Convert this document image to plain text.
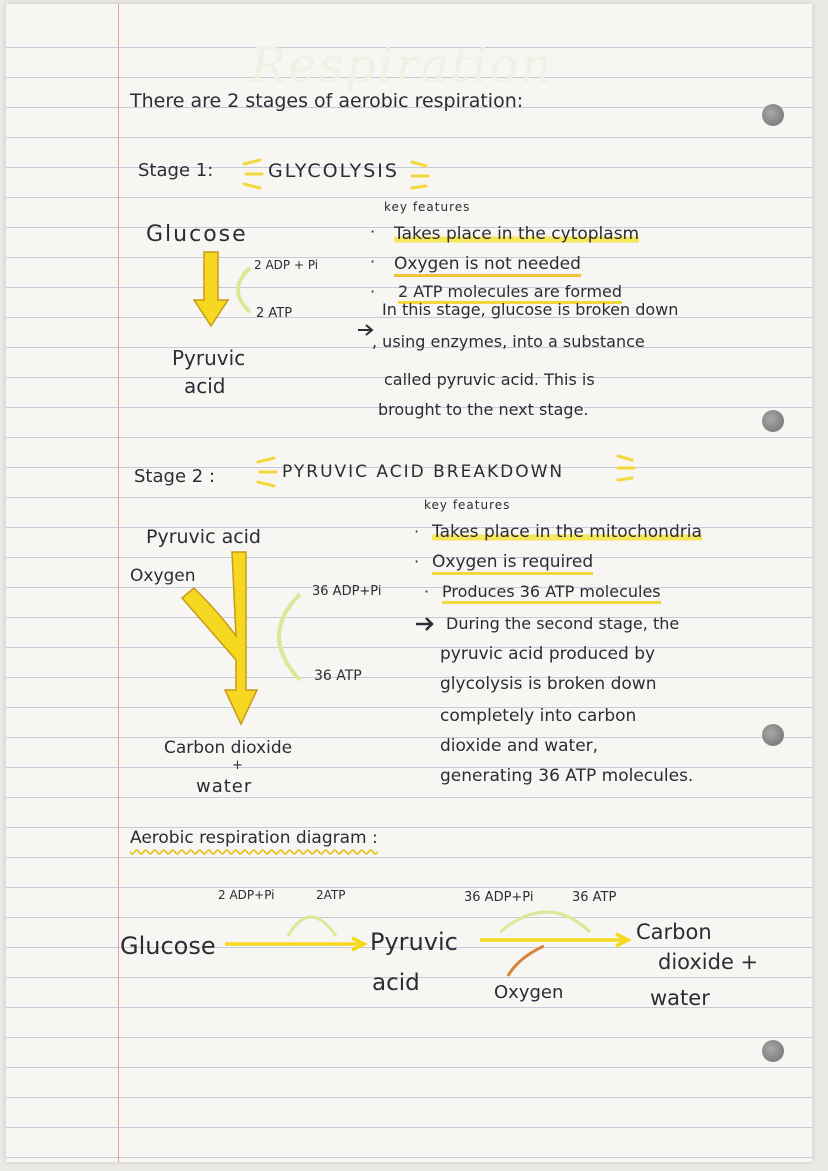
Respiration
There are 2 stages of aerobic respiration:
Stage 1:	GLYCOLYSIS
Glucose
2 ADP + Pi
2 ATP
Pyruvic
acid
key features
· Takes place in the cytoplasm
· Oxygen is not needed
· 2 ATP molecules are formed
In this stage, glucose is broken down
, using enzymes, into a substance
called pyruvic acid. This is
brought to the next stage.
Stage 2 :	PYRUVIC ACID BREAKDOWN
Pyruvic acid
Oxygen
36 ADP+Pi
36 ATP
Carbon dioxide
+
water
key features
· Takes place in the mitochondria
· Oxygen is required
· Produces 36 ATP molecules
During the second stage, the
pyruvic acid produced by
glycolysis is broken down
completely into carbon
dioxide and water,
generating 36 ATP molecules.
Aerobic respiration diagram :
2 ADP+Pi	2ATP	36 ADP+Pi	36 ATP
Glucose	Pyruvic
acid	Oxygen
Carbon
dioxide +
water
